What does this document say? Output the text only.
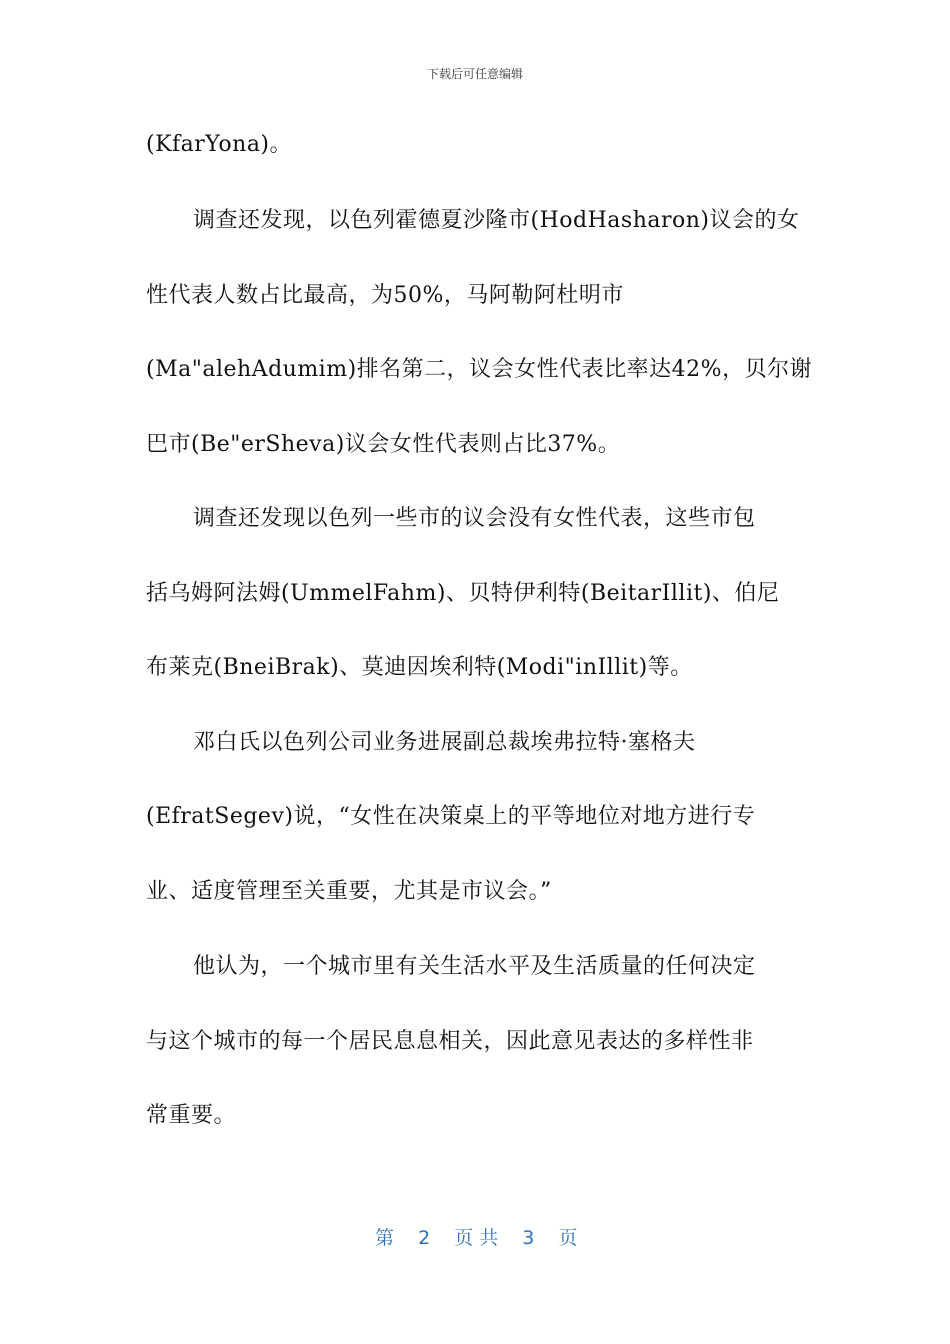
下载后可任意编辑
(KfarYona)。
调查还发现，以色列霍德夏沙隆市(HodHasharon)议会的女
性代表人数占比最高，为50%，马阿勒阿杜明市
(Ma"alehAdumim)排名第二，议会女性代表比率达42%，贝尔谢
巴市(Be"erSheva)议会女性代表则占比37%。
调查还发现以色列一些市的议会没有女性代表，这些市包
括乌姆阿法姆(UmmelFahm)、贝特伊利特(BeitarIllit)、伯尼
布莱克(BneiBrak)、莫迪因埃利特(Modi"inIllit)等。
邓白氏以色列公司业务进展副总裁埃弗拉特·塞格夫
(EfratSegev)说，“女性在决策桌上的平等地位对地方进行专
业、适度管理至关重要，尤其是市议会。”
他认为，一个城市里有关生活水平及生活质量的任何决定
与这个城市的每一个居民息息相关，因此意见表达的多样性非
常重要。
第 2 页 共 3 页
